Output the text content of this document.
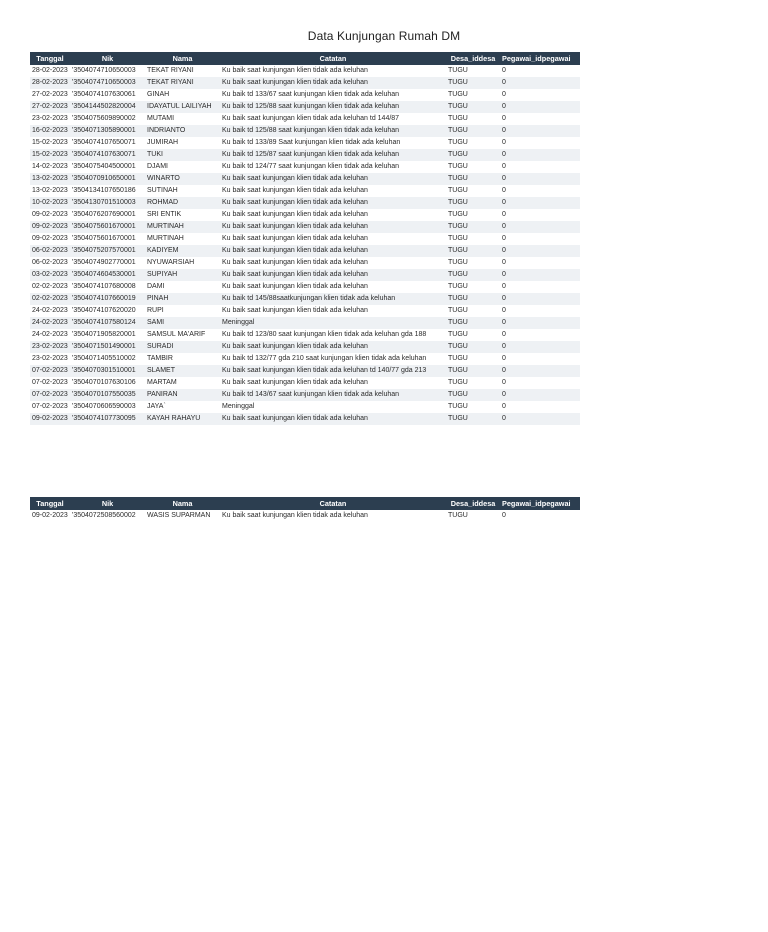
Data Kunjungan Rumah DM
Tanggal	Nik	Nama	Catatan	Desa_iddesa	Pegawai_idpegawai
28-02-2023	'3504074710650003	TEKAT RIYANI	Ku baik saat kunjungan klien tidak ada keluhan	TUGU	0
28-02-2023	'3504074710650003	TEKAT RIYANI	Ku baik saat kunjungan klien tidak ada keluhan	TUGU	0
27-02-2023	'3504074107630061	GINAH	Ku baik td 133/67 saat kunjungan klien tidak ada keluhan	TUGU	0
27-02-2023	'3504144502820004	IDAYATUL LAILIYAH	Ku baik td 125/88 saat kunjungan klien tidak ada keluhan	TUGU	0
23-02-2023	'3504075609890002	MUTAMI	Ku baik saat kunjungan klien tidak ada keluhan td 144/87	TUGU	0
16-02-2023	'3504071305890001	INDRIANTO	Ku baik td 125/88 saat kunjungan klien tidak ada keluhan	TUGU	0
15-02-2023	'3504074107650071	JUMIRAH	Ku baik td 133/89 Saat kunjungan klien tidak ada keluhan	TUGU	0
15-02-2023	'3504074107630071	TUKI	Ku baik td 125/87 saat kunjungan klien tidak ada keluhan	TUGU	0
14-02-2023	'3504075404500001	DJAMI	Ku baik td 124/77 saat kunjungan klien tidak ada keluhan	TUGU	0
13-02-2023	'3504070910650001	WINARTO	Ku baik saat kunjungan klien tidak ada keluhan	TUGU	0
13-02-2023	'3504134107650186	SUTINAH	Ku baik saat kunjungan klien tidak ada keluhan	TUGU	0
10-02-2023	'3504130701510003	ROHMAD	Ku baik saat kunjungan klien tidak ada keluhan	TUGU	0
09-02-2023	'3504076207690001	SRI ENTIK	Ku baik saat kunjungan klien tidak ada keluhan	TUGU	0
09-02-2023	'3504075601670001	MURTINAH	Ku baik saat kunjungan klien tidak ada keluhan	TUGU	0
09-02-2023	'3504075601670001	MURTINAH	Ku baik saat kunjungan klien tidak ada keluhan	TUGU	0
06-02-2023	'3504075207570001	KADIYEM	Ku baik saat kunjungan klien tidak ada keluhan	TUGU	0
06-02-2023	'3504074902770001	NYUWARSIAH	Ku baik saat kunjungan klien tidak ada keluhan	TUGU	0
03-02-2023	'3504074604530001	SUPIYAH	Ku baik saat kunjungan klien tidak ada keluhan	TUGU	0
02-02-2023	'3504074107680008	DAMI	Ku baik saat kunjungan klien tidak ada keluhan	TUGU	0
02-02-2023	'3504074107660019	PINAH	Ku baik td 145/88saatkunjungan klien tidak ada keluhan	TUGU	0
24-02-2023	'3504074107620020	RUPI	Ku baik saat kunjungan klien tidak ada keluhan	TUGU	0
24-02-2023	'3504074107580124	SAMI	Meninggal	TUGU	0
24-02-2023	'3504071905820001	SAMSUL MA'ARIF	Ku baik td 123/80 saat kunjungan klien tidak ada keluhan gda 188	TUGU	0
23-02-2023	'3504071501490001	SURADI	Ku baik saat kunjungan klien tidak ada keluhan	TUGU	0
23-02-2023	'3504071405510002	TAMBIR	Ku baik td 132/77 gda 210 saat kunjungan klien tidak ada keluhan	TUGU	0
07-02-2023	'3504070301510001	SLAMET	Ku baik saat kunjungan klien tidak ada keluhan td 140/77 gda 213	TUGU	0
07-02-2023	'3504070107630106	MARTAM	Ku baik saat kunjungan klien tidak ada keluhan	TUGU	0
07-02-2023	'3504070107550035	PANIRAN	Ku baik td 143/67 saat kunjungan klien tidak ada keluhan	TUGU	0
07-02-2023	'3504070606590003	JAYA`	Meninggal	TUGU	0
09-02-2023	'3504074107730095	KAYAH RAHAYU	Ku baik saat kunjungan klien tidak ada keluhan	TUGU	0
Tanggal	Nik	Nama	Catatan	Desa_iddesa	Pegawai_idpegawai
09-02-2023	'3504072508560002	WASIS SUPARMAN	Ku baik saat kunjungan klien tidak ada keluhan	TUGU	0
